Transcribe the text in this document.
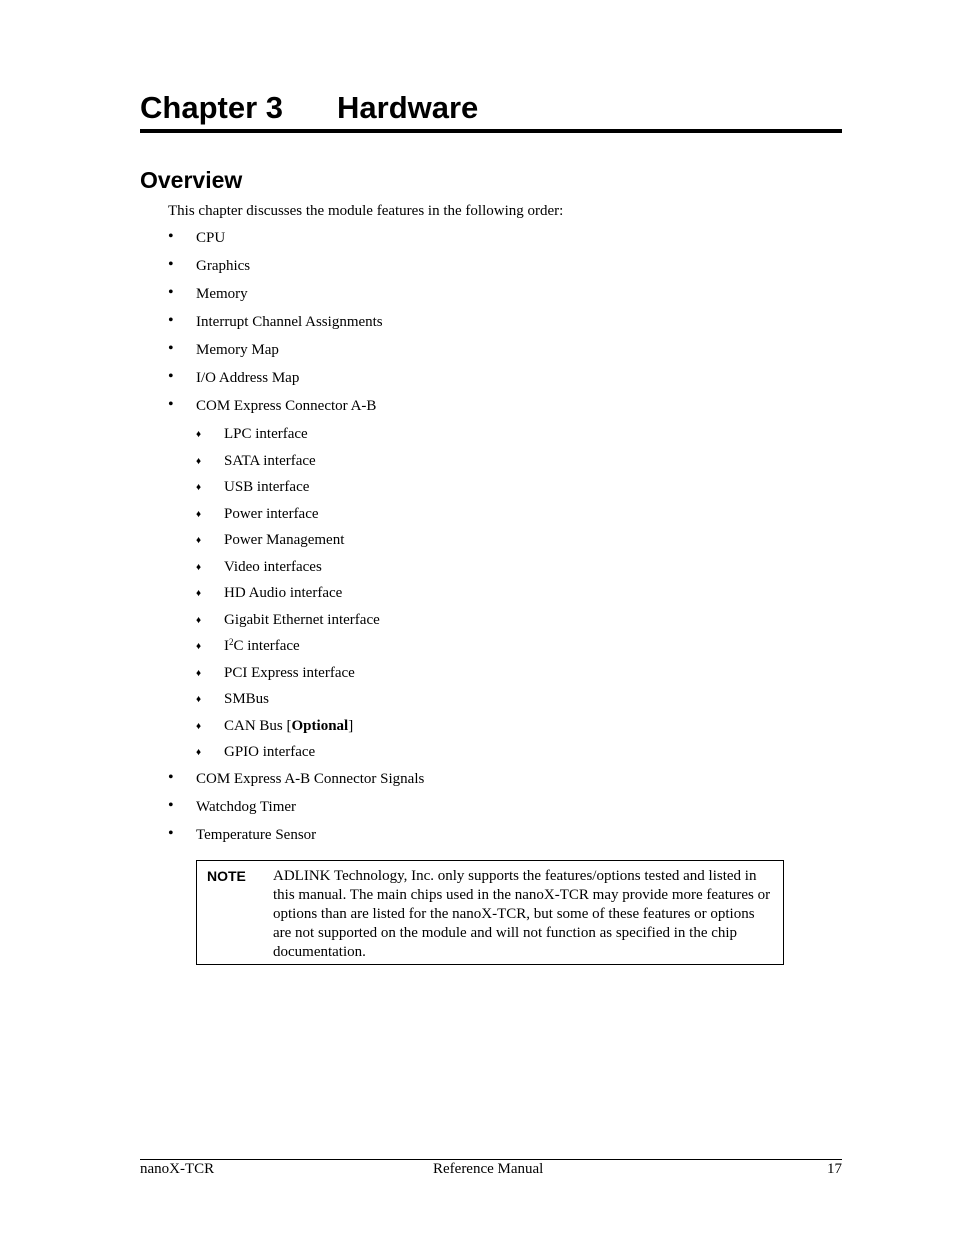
Chapter 3 Hardware
Overview

This chapter discusses the module features in the following order:

•	CPU
•	Graphics
•	Memory
•	Interrupt Channel Assignments
•	Memory Map
•	I/O Address Map
•	COM Express Connector A-B
♦	LPC interface
♦	SATA interface
♦	USB interface
♦	Power interface
♦	Power Management
♦	Video interfaces
♦	HD Audio interface
♦	Gigabit Ethernet interface
♦	$I^2C$ interface
♦	PCI Express interface
♦	SMBus
♦	CAN Bus [Optional]
♦	GPIO interface
•	COM Express A-B Connector Signals
•	Watchdog Timer
•	Temperature Sensor
NOTE ADLINK Technology, Inc. only supports the features/options tested and listed in this manual. The main chips used in the nanoX-TCR may provide more features or options than are listed for the nanoX-TCR, but some of these features or options are not supported on the module and will not function as specified in the chip documentation.
nanoX-TCR	Reference Manual	17
